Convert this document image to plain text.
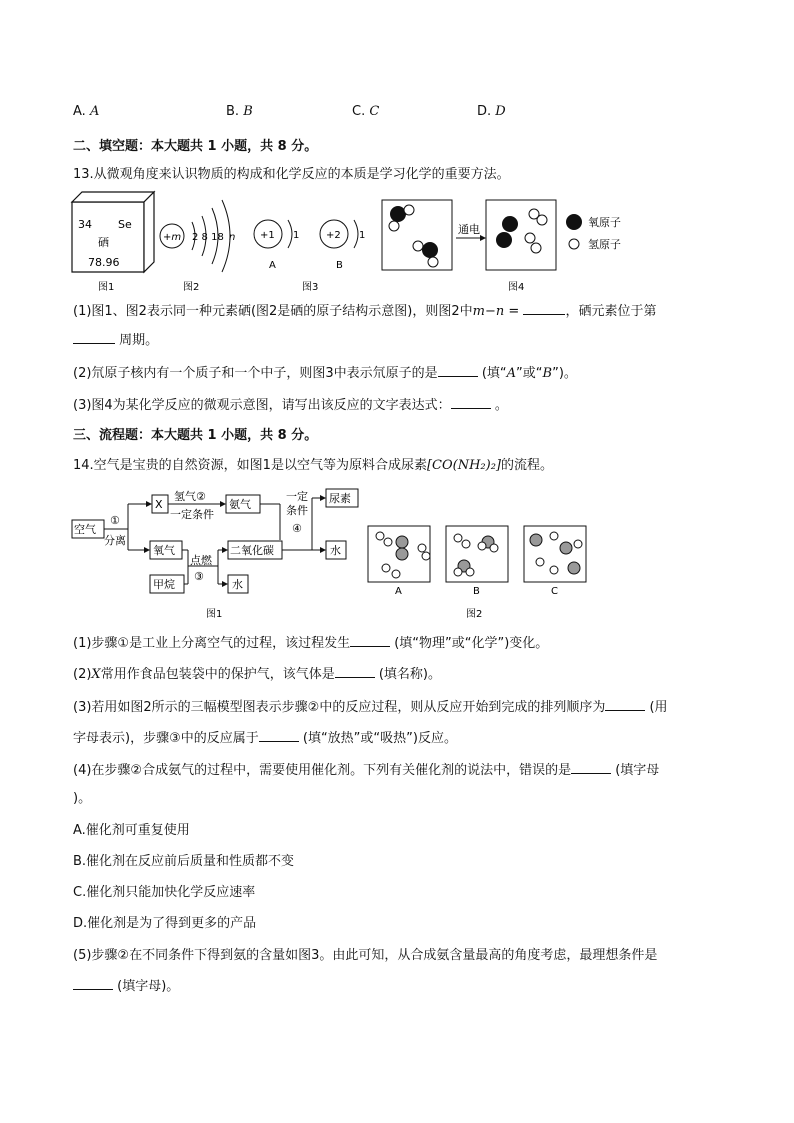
A. A	B. B	C. C	D. D
二、填空题：本大题共 1 小题，共 8 分。
13.从微观角度来认识物质的构成和化学反应的本质是学习化学的重要方法。
34 Se
硒
78.96
图1
+m 2 8 18 n
图2
+1 1
A
+2 1
B
图3
通电
氧原子
氢原子
图4
(1)图1、图2表示同一种元素硒(图2是硒的原子结构示意图)，则图2中m−n =	，硒元素位于第
周期。
(2)氘原子核内有一个质子和一个中子，则图3中表示氘原子的是	(填“A”或“B”)。
(3)图4为某化学反应的微观示意图，请写出该反应的文字表达式：	。
三、流程题：本大题共 1 小题，共 8 分。
14.空气是宝贵的自然资源，如图1是以空气等为原料合成尿素[CO(NH₂)₂]的流程。
空气
①
分离
X
氢气②
一定条件
氨气
一定
条件
④
尿素
水
氧气
甲烷
点燃
③
二氧化碳
水
图1
A	B	C
图2
(1)步骤①是工业上分离空气的过程，该过程发生	(填“物理”或“化学”)变化。
(2)X常用作食品包装袋中的保护气，该气体是	(填名称)。
(3)若用如图2所示的三幅模型图表示步骤②中的反应过程，则从反应开始到完成的排列顺序为	(用
字母表示)，步骤③中的反应属于	(填“放热”或“吸热”)反应。
(4)在步骤②合成氨气的过程中，需要使用催化剂。下列有关催化剂的说法中，错误的是	(填字母
)。
A.催化剂可重复使用
B.催化剂在反应前后质量和性质都不变
C.催化剂只能加快化学反应速率
D.催化剂是为了得到更多的产品
(5)步骤②在不同条件下得到氨的含量如图3。由此可知，从合成氨含量最高的角度考虑，最理想条件是
(填字母)。
